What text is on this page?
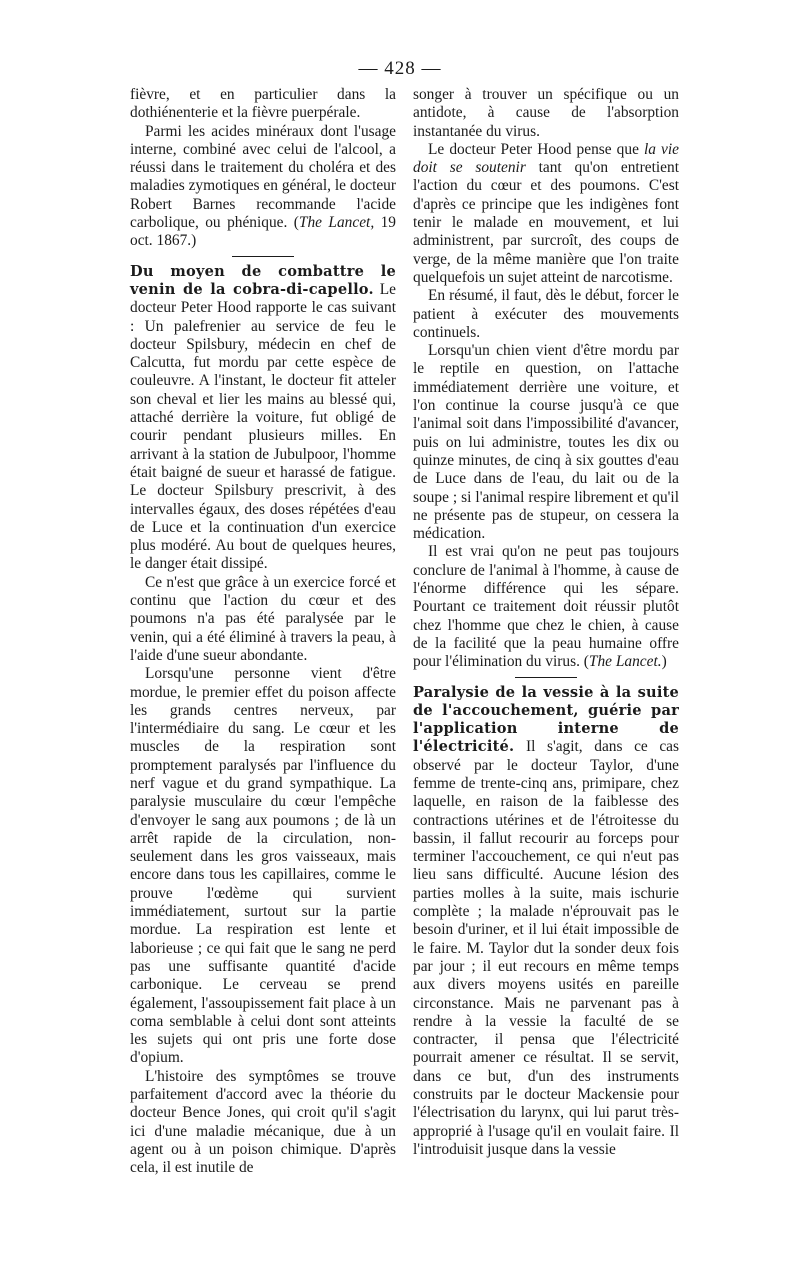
— 428 —

fièvre, et en particulier dans la dothiénenterie et la fièvre puerpérale.

Parmi les acides minéraux dont l'usage interne, combiné avec celui de l'alcool, a réussi dans le traitement du choléra et des maladies zymotiques en général, le docteur Robert Barnes recommande l'acide carbolique, ou phénique. (The Lancet, 19 oct. 1867.)

Du moyen de combattre le venin de la cobra-di-capello. Le docteur Peter Hood rapporte le cas suivant : Un palefrenier au service de feu le docteur Spilsbury, médecin en chef de Calcutta, fut mordu par cette espèce de couleuvre. A l'instant, le docteur fit atteler son cheval et lier les mains au blessé qui, attaché derrière la voiture, fut obligé de courir pendant plusieurs milles. En arrivant à la station de Jubulpoor, l'homme était baigné de sueur et harassé de fatigue. Le docteur Spilsbury prescrivit, à des intervalles égaux, des doses répétées d'eau de Luce et la continuation d'un exercice plus modéré. Au bout de quelques heures, le danger était dissipé.

Ce n'est que grâce à un exercice forcé et continu que l'action du cœur et des poumons n'a pas été paralysée par le venin, qui a été éliminé à travers la peau, à l'aide d'une sueur abondante.

Lorsqu'une personne vient d'être mordue, le premier effet du poison affecte les grands centres nerveux, par l'intermédiaire du sang. Le cœur et les muscles de la respiration sont promptement paralysés par l'influence du nerf vague et du grand sympathique. La paralysie musculaire du cœur l'empêche d'envoyer le sang aux poumons ; de là un arrêt rapide de la circulation, non-seulement dans les gros vaisseaux, mais encore dans tous les capillaires, comme le prouve l'œdème qui survient immédiatement, surtout sur la partie mordue. La respiration est lente et laborieuse ; ce qui fait que le sang ne perd pas une suffisante quantité d'acide carbonique. Le cerveau se prend également, l'assoupissement fait place à un coma semblable à celui dont sont atteints les sujets qui ont pris une forte dose d'opium.

L'histoire des symptômes se trouve parfaitement d'accord avec la théorie du docteur Bence Jones, qui croit qu'il s'agit ici d'une maladie mécanique, due à un agent ou à un poison chimique. D'après cela, il est inutile de

songer à trouver un spécifique ou un antidote, à cause de l'absorption instantanée du virus.

Le docteur Peter Hood pense que la vie doit se soutenir tant qu'on entretient l'action du cœur et des poumons. C'est d'après ce principe que les indigènes font tenir le malade en mouvement, et lui administrent, par surcroît, des coups de verge, de la même manière que l'on traite quelquefois un sujet atteint de narcotisme.

En résumé, il faut, dès le début, forcer le patient à exécuter des mouvements continuels.

Lorsqu'un chien vient d'être mordu par le reptile en question, on l'attache immédiatement derrière une voiture, et l'on continue la course jusqu'à ce que l'animal soit dans l'impossibilité d'avancer, puis on lui administre, toutes les dix ou quinze minutes, de cinq à six gouttes d'eau de Luce dans de l'eau, du lait ou de la soupe ; si l'animal respire librement et qu'il ne présente pas de stupeur, on cessera la médication.

Il est vrai qu'on ne peut pas toujours conclure de l'animal à l'homme, à cause de l'énorme différence qui les sépare. Pourtant ce traitement doit réussir plutôt chez l'homme que chez le chien, à cause de la facilité que la peau humaine offre pour l'élimination du virus. (The Lancet.)

Paralysie de la vessie à la suite de l'accouchement, guérie par l'application interne de l'électricité. Il s'agit, dans ce cas observé par le docteur Taylor, d'une femme de trente-cinq ans, primipare, chez laquelle, en raison de la faiblesse des contractions utérines et de l'étroitesse du bassin, il fallut recourir au forceps pour terminer l'accouchement, ce qui n'eut pas lieu sans difficulté. Aucune lésion des parties molles à la suite, mais ischurie complète ; la malade n'éprouvait pas le besoin d'uriner, et il lui était impossible de le faire. M. Taylor dut la sonder deux fois par jour ; il eut recours en même temps aux divers moyens usités en pareille circonstance. Mais ne parvenant pas à rendre à la vessie la faculté de se contracter, il pensa que l'électricité pourrait amener ce résultat. Il se servit, dans ce but, d'un des instruments construits par le docteur Mackensie pour l'électrisation du larynx, qui lui parut très-approprié à l'usage qu'il en voulait faire. Il l'introduisit jusque dans la vessie
